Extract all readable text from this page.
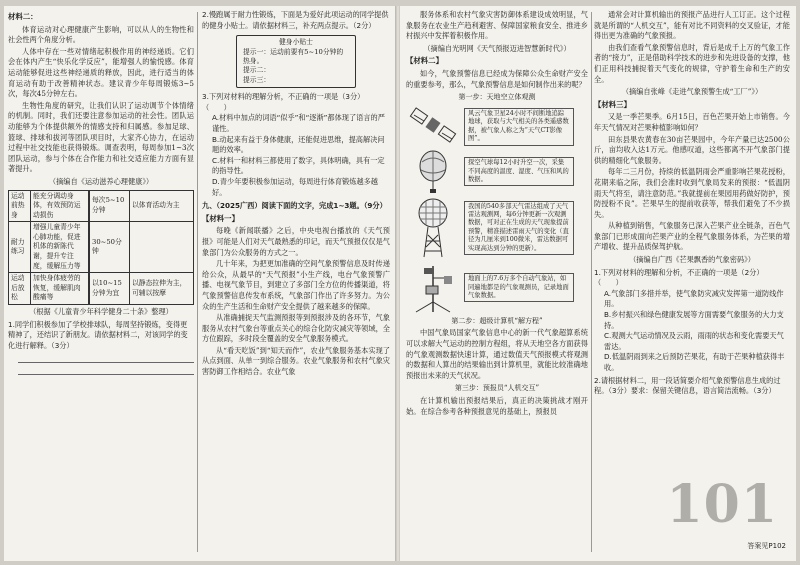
材料二：

体育运动对心理健康产生影响，可以从人的生物性和社会性两个角度分析。

人体中存在一些对情绪起积极作用的神经递质。它们会在体内产生“快乐化学反应”，能增强人的愉悦感。体育运动能够促进这些神经递质的释放，因此，进行适当的体育运动有助于改善精神状态。建议青少年每周锻炼3~5次，每次45分钟左右。

生物性角度的研究，让我们认识了运动调节个体情绪的机制。同时，我们还要注意参加运动的社会性。团队运动能够为个体提供额外的情感支持和归属感。参加足球、篮球、排球和拔河等团队项目时，大家齐心协力，在运动过程中社交技能也获得锻炼。调查表明，每周参加1~3次团队运动，参与个体在合作能力和社交适应能力方面有显著提升。

（摘编自《运动滋养心理健康》）

运动前热身	能充分调动身体，有效预防运动损伤		每次5~10分钟	以体育活动为主
耐力练习	增强儿童青少年心肺功能，促进机体的新陈代谢，提升专注度，缓解压力等	30~50分钟	
运动后放松	加快身体疲劳的恢复，缓解肌肉酸痛等	以10~15分钟为宜	以静态拉伸为主，可辅以按摩

（根据《儿童青少年科学健身二十条》整理）

1.同学们积极参加了学校排球队，每周坚持锻炼，变得更精神了，还结识了新朋友。请依据材料二，对该同学的变化进行解释。（3分）
2.慢跑属于耐力性锻炼，下面是为爱好此项运动的同学提供的健身小贴士。请依据材料三，补充两点提示。（2分）
健身小贴士
提示一：运动前要有5~10分钟的热身。
提示二：
提示三：
3.下列对材料的理解分析，不正确的一项是（3分） （　　）
A.材料中加点的词语“似乎”和“逐渐”都体现了语言的严谨性。
B.动起来有益于身体健康，还能促进思维，提高解决问题的效率。
C.材料一和材料三都使用了数字，具体明确，具有一定的指导性。
D.青少年要积极参加运动，每周进行体育锻炼越多越好。
九、（2025广西）阅读下面的文字，完成1~3题。（9分）
【材料一】

每晚《新闻联播》之后，中央电视台播放的《天气预报》可能是人们对天气最熟悉的印记，而天气预报仅仅是气象部门为公众服务的方式之一。

几十年来，为把更加准确的空间气象预警信息及时传递给公众，从最早的“天气预报”小生产线，电台气象预警广播、电视气象节目，到建立了多部门全方位的传播渠道，将气象预警信息传发布系统，气象部门作出了许多努力。为公众的生产生活和生命财产安全提供了越来越多的保障。

从准确捕捉天气监测预报等到预报涉及的各环节，气象服务从农村气象台等重点关心的综合化防灾减灾等领域，全方位跟踪，多时段全覆盖的安全气象服务模式。

从“看天吃饭”到“知天而作”，农业气象服务基本实现了从点到面、从单一到综合服务。农业气象服务和农村气象灾害防御工作相结合。农业气象

服务体系和农村气象灾害防御体系建设成效明显，气象服务在农业生产趋利避害、保障国家粮食安全、推进乡村振兴中发挥着积极作用。

（摘编自光明网《天气预报迈进智慧新时代》）

【材料二】

如今，气象预警信息已经成为保障公众生命财产安全的重要参考，那么，气象预警信息是如何制作出来的呢？

第一步：天地空立体观测
风云气象卫星24小时不间断地追踪地球，获取与大气相关的各类遥感数据，被气象人称之为“天气CT影像图”。
探空气球每12小时升空一次，采集不同高度的温度、湿度、气压和风的数据。
我国的540多部天气雷达组成了天气雷达观测网，每6分钟更新一次观测数据，可对正在生成的天气现象提前预警，精准描述雷雨天气的变化（直径为几厘米到100微米，雷达数据可实现高达到分钟的更新）。
地面上的7.6万多个自动气象站，如同遍地都是的气象观测员，记录地面气象数据。
第二步：超级计算机“解方程”

中国气象局国家气象信息中心的新一代气象超算系统可以求解大气运动的控制方程组，将从天地空各方面获得的气象观测数据快速计算，通过数值天气预报模式将观测的数据和人算出的结果输出到计算机里，就能比较准确地预报出未来的天气状况。

第三步：预报员“人机交互”

在计算机输出预报结果后，真正的决策挑战才刚开始。在综合参考各种预报意见的基础上，预报员

通常会对计算机输出的预报产品进行人工订正。这个过程就是所谓的“人机交互”，能有对比不同资料的交叉验证，才能得出更为准确的气象预报。

由我们查看气象预警信息时，背后是成千上万的气象工作者的“接力”，正是借助科学技术的进步和先进设备的支撑，他们正用科技捕捉着天气变化的规律，守护着生命和生产的安全。

（摘编自张峰《走进气象预警生成“工厂”》）

【材料三】

又是一季芒果季。6月15日，百色芒果开始上市销售。今年天气情况对芒果种植影响如何？

田东县果农黄春在30亩芒果园中，今年产量已达2500公斤，亩均收入达1万元。他感叹道，这些都离不开气象部门提供的精细化气象服务。

每年二三月份，持续的低温阴雨会严重影响芒果花授粉，花期来临之际，我们会准时收到气象局发来的预报：“低温阴雨天气将至，请注意防范。”我就提前在果园用药做好防护，预防授粉不良”。芒果早生的提前收获等，帮我们避免了不少损失。

从种植到销售，气象服务已深入芒果产业全链条，百色气象部门已形成面向芒果产业的全程气象服务体系，为芒果的增产增收、提升品质保驾护航。

（摘编自广西《芒果飘香的气象密码》）

1.下列对材料的理解和分析，不正确的一项是（2分） （　　）
A.气象部门多措并举，使气象防灾减灾发挥第一道防线作用。
B.乡村振兴和绿色健康发展等方面需要气象服务的大力支持。
C.观测大气运动情况及云雨，雨雨的状态和变化需要天气雷达。
D.低温阴雨到来之后预防芒果花，有助于芒果种植获得丰收。
2.请根据材料二，用一段话简要介绍气象预警信息生成的过程。（3分）要求：保留关键信息，语言简洁流畅。（3分）
101
答案见P102
